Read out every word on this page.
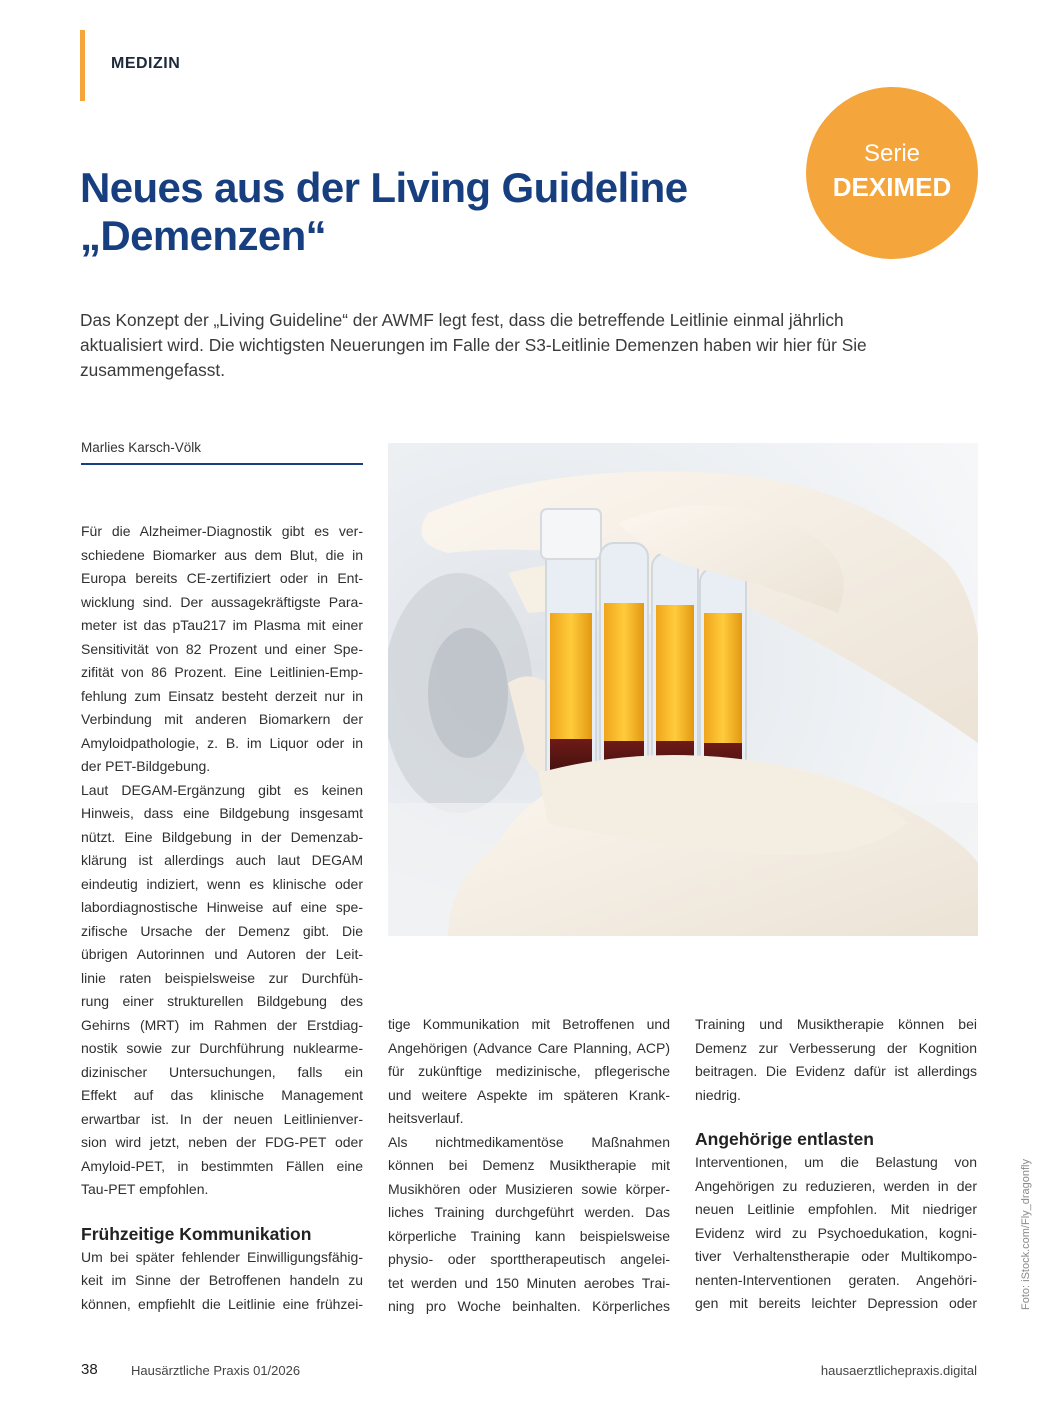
MEDIZIN
Serie
DEXIMED
Neues aus der Living Guideline
„Demenzen“
Das Konzept der „Living Guideline“ der AWMF legt fest, dass die betreffende Leitlinie einmal jährlich
aktualisiert wird. Die wichtigsten Neuerungen im Falle der S3-Leitlinie Demenzen haben wir hier für Sie
zusammengefasst.
Marlies Karsch-Völk
Foto: iStock.com/Fly_dragonfly
Für die Alzheimer-Diagnostik gibt es ver-
schiedene Biomarker aus dem Blut, die in
Europa bereits CE-zertifiziert oder in Ent-
wicklung sind. Der aussagekräftigste Para-
meter ist das pTau217 im Plasma mit einer
Sensitivität von 82 Prozent und einer Spe-
zifität von 86 Prozent. Eine Leitlinien-Emp-
fehlung zum Einsatz besteht derzeit nur in
Verbindung mit anderen Biomarkern der
Amyloidpathologie, z. B. im Liquor oder in
der PET-Bildgebung.
Laut DEGAM-Ergänzung gibt es keinen
Hinweis, dass eine Bildgebung insgesamt
nützt. Eine Bildgebung in der Demenzab-
klärung ist allerdings auch laut DEGAM
eindeutig indiziert, wenn es klinische oder
labordiagnostische Hinweise auf eine spe-
zifische Ursache der Demenz gibt. Die
übrigen Autorinnen und Autoren der Leit-
linie raten beispielsweise zur Durchfüh-
rung einer strukturellen Bildgebung des
Gehirns (MRT) im Rahmen der Erstdiag-
nostik sowie zur Durchführung nuklearme-
dizinischer Untersuchungen, falls ein
Effekt auf das klinische Management
erwartbar ist. In der neuen Leitlinienver-
sion wird jetzt, neben der FDG-PET oder
Amyloid-PET, in bestimmten Fällen eine
Tau-PET empfohlen.
Frühzeitige Kommunikation
Um bei später fehlender Einwilligungsfähig-
keit im Sinne der Betroffenen handeln zu
können, empfiehlt die Leitlinie eine frühzei-
tige Kommunikation mit Betroffenen und
Angehörigen (Advance Care Planning, ACP)
für zukünftige medizinische, pflegerische
und weitere Aspekte im späteren Krank-
heitsverlauf.
Als nichtmedikamentöse Maßnahmen
können bei Demenz Musiktherapie mit
Musikhören oder Musizieren sowie körper-
liches Training durchgeführt werden. Das
körperliche Training kann beispielsweise
physio- oder sporttherapeutisch angelei-
tet werden und 150 Minuten aerobes Trai-
ning pro Woche beinhalten. Körperliches
Training und Musiktherapie können bei
Demenz zur Verbesserung der Kognition
beitragen. Die Evidenz dafür ist allerdings
niedrig.
Angehörige entlasten
Interventionen, um die Belastung von
Angehörigen zu reduzieren, werden in der
neuen Leitlinie empfohlen. Mit niedriger
Evidenz wird zu Psychoedukation, kogni-
tiver Verhaltenstherapie oder Multikompo-
nenten-Interventionen geraten. Angehöri-
gen mit bereits leichter Depression oder
38	Hausärztliche Praxis 01/2026	hausaerztlichepraxis.digital
